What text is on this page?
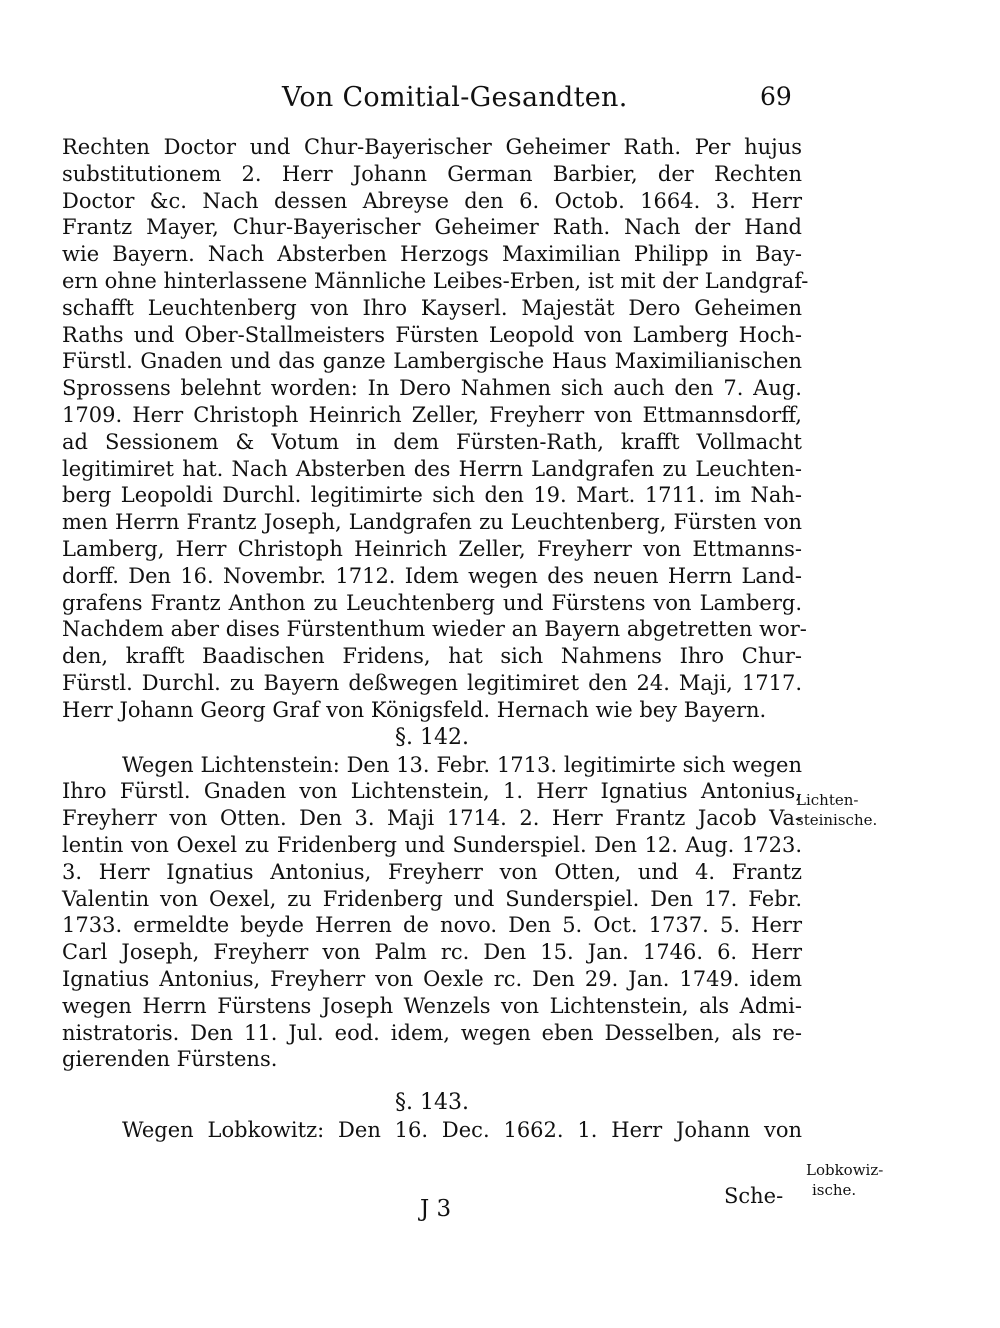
Von Comitial-Gesandten.	69
Rechten Doctor und Chur-Bayerischer Geheimer Rath. Per hujus
substitutionem 2. Herr Johann German Barbier, der Rechten
Doctor &c. Nach dessen Abreyse den 6. Octob. 1664. 3. Herr
Frantz Mayer, Chur-Bayerischer Geheimer Rath. Nach der Hand
wie Bayern. Nach Absterben Herzogs Maximilian Philipp in Bay-
ern ohne hinterlassene Männliche Leibes-Erben, ist mit der Landgraf-
schafft Leuchtenberg von Ihro Kayserl. Majestät Dero Geheimen
Raths und Ober-Stallmeisters Fürsten Leopold von Lamberg Hoch-
Fürstl. Gnaden und das ganze Lambergische Haus Maximilianischen
Sprossens belehnt worden: In Dero Nahmen sich auch den 7. Aug.
1709. Herr Christoph Heinrich Zeller, Freyherr von Ettmannsdorff,
ad Sessionem & Votum in dem Fürsten-Rath, krafft Vollmacht
legitimiret hat. Nach Absterben des Herrn Landgrafen zu Leuchten-
berg Leopoldi Durchl. legitimirte sich den 19. Mart. 1711. im Nah-
men Herrn Frantz Joseph, Landgrafen zu Leuchtenberg, Fürsten von
Lamberg, Herr Christoph Heinrich Zeller, Freyherr von Ettmanns-
dorff. Den 16. Novembr. 1712. Idem wegen des neuen Herrn Land-
grafens Frantz Anthon zu Leuchtenberg und Fürstens von Lamberg.
Nachdem aber dises Fürstenthum wieder an Bayern abgetretten wor-
den, krafft Baadischen Fridens, hat sich Nahmens Ihro Chur-
Fürstl. Durchl. zu Bayern deßwegen legitimiret den 24. Maji, 1717.
Herr Johann Georg Graf von Königsfeld. Hernach wie bey Bayern.
§. 142.
Wegen Lichtenstein: Den 13. Febr. 1713. legitimirte sich wegen
Ihro Fürstl. Gnaden von Lichtenstein, 1. Herr Ignatius Antonius,
Freyherr von Otten. Den 3. Maji 1714. 2. Herr Frantz Jacob Va-
lentin von Oexel zu Fridenberg und Sunderspiel. Den 12. Aug. 1723.
3. Herr Ignatius Antonius, Freyherr von Otten, und 4. Frantz
Valentin von Oexel, zu Fridenberg und Sunderspiel. Den 17. Febr.
1733. ermeldte beyde Herren de novo. Den 5. Oct. 1737. 5. Herr
Carl Joseph, Freyherr von Palm rc. Den 15. Jan. 1746. 6. Herr
Ignatius Antonius, Freyherr von Oexle rc. Den 29. Jan. 1749. idem
wegen Herrn Fürstens Joseph Wenzels von Lichtenstein, als Admi-
nistratoris. Den 11. Jul. eod. idem, wegen eben Desselben, als re-
gierenden Fürstens.
§. 143.
Wegen Lobkowitz: Den 16. Dec. 1662. 1. Herr Johann von
Lichten-
steinische.
Lobkowiz-
ische.
J 3	Sche-
